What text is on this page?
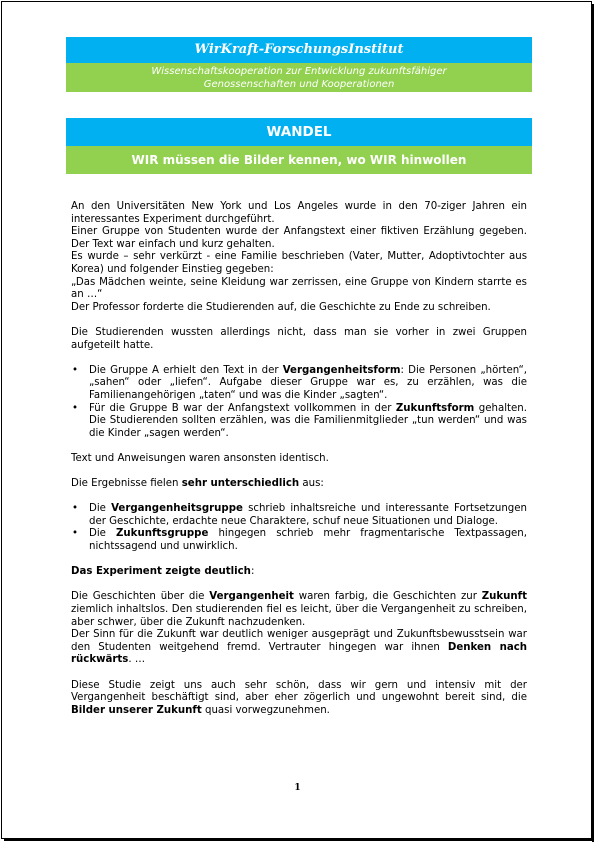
WirKraft-ForschungsInstitut
Wissenschaftskooperation zur Entwicklung zukunftsfähiger
Genossenschaften und Kooperationen
WANDEL
WIR müssen die Bilder kennen, wo WIR hinwollen

An den Universitäten New York und Los Angeles wurde in den 70-ziger Jahren ein interessantes Experiment durchgeführt.

Einer Gruppe von Studenten wurde der Anfangstext einer fiktiven Erzählung gegeben. Der Text war einfach und kurz gehalten.

Es wurde – sehr verkürzt - eine Familie beschrieben (Vater, Mutter, Adoptivtochter aus Korea) und folgender Einstieg gegeben:

„Das Mädchen weinte, seine Kleidung war zerrissen, eine Gruppe von Kindern starrte es an …“

Der Professor forderte die Studierenden auf, die Geschichte zu Ende zu schreiben.

Die Studierenden wussten allerdings nicht, dass man sie vorher in zwei Gruppen aufgeteilt hatte.

• Die Gruppe A erhielt den Text in der Vergangenheitsform: Die Personen „hörten“, „sahen“ oder „liefen“. Aufgabe dieser Gruppe war es, zu erzählen, was die Familienangehörigen „taten“ und was die Kinder „sagten“.
• Für die Gruppe B war der Anfangstext vollkommen in der Zukunftsform gehalten. Die Studierenden sollten erzählen, was die Familienmitglieder „tun werden“ und was die Kinder „sagen werden“.

Text und Anweisungen waren ansonsten identisch.

Die Ergebnisse fielen sehr unterschiedlich aus:

• Die Vergangenheitsgruppe schrieb inhaltsreiche und interessante Fortsetzungen der Geschichte, erdachte neue Charaktere, schuf neue Situationen und Dialoge.
• Die Zukunftsgruppe hingegen schrieb mehr fragmentarische Textpassagen, nichtssagend und unwirklich.

Das Experiment zeigte deutlich:

Die Geschichten über die Vergangenheit waren farbig, die Geschichten zur Zukunft ziemlich inhaltslos. Den studierenden fiel es leicht, über die Vergangenheit zu schreiben, aber schwer, über die Zukunft nachzudenken.

Der Sinn für die Zukunft war deutlich weniger ausgeprägt und Zukunftsbewusstsein war den Studenten weitgehend fremd. Vertrauter hingegen war ihnen Denken nach rückwärts. …

Diese Studie zeigt uns auch sehr schön, dass wir gern und intensiv mit der Vergangenheit beschäftigt sind, aber eher zögerlich und ungewohnt bereit sind, die Bilder unserer Zukunft quasi vorwegzunehmen.

1
